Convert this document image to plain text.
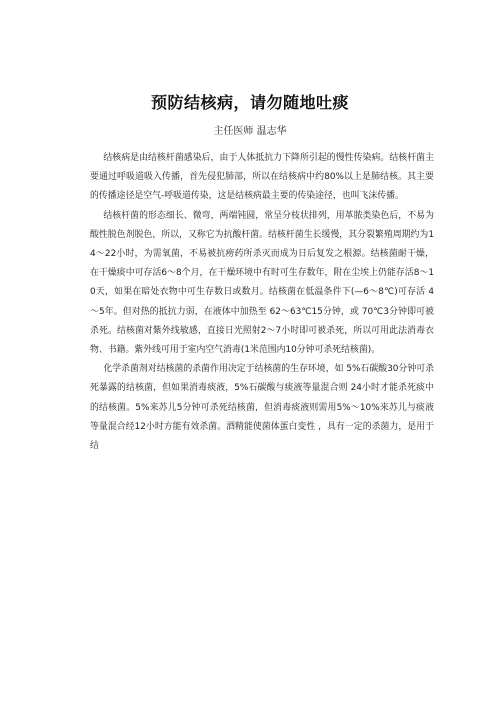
预防结核病，请勿随地吐痰
主任医师 温志华

结核病是由结核杆菌感染后，由于人体抵抗力下降所引起的慢性传染病。结核杆菌主要通过呼吸道吸入传播，首先侵犯肺部，所以在结核病中约80%以上是肺结核。其主要的传播途径是空气-呼吸道传染，这是结核病最主要的传染途径，也叫飞沫传播。

结核杆菌的形态细长、微弯，两端钝圆，常呈分枝状排列，用革脓类染色后，不易为酸性脱色剂脱色，所以，又称它为抗酸杆菌。结核杆菌生长缓慢，其分裂繁殖周期约为14～22小时，为需氧菌，不易被抗痨药所杀灭而成为日后复发之根源。结核菌耐干燥，在干燥痰中可存活6～8个月，在干燥环境中有时可生存数年，附在尘埃上仍能存活8～10天，如果在暗处衣物中可生存数日或数月。结核菌在低温条件下(—6～8℃)可存活 4～5年。但对热的抵抗力弱，在液体中加热至 62～63℃15分钟，或 70℃3分钟即可被杀死。结核菌对紫外线敏感，直接日光照射2～7小时即可被杀死，所以可用此法消毒衣物、书籍。紫外线可用于室内空气消毒(1米范围内10分钟可杀死结核菌)。

化学杀菌剂对结核菌的杀菌作用决定于结核菌的生存环境，如 5%石碳酸30分钟可杀死暴露的结核菌，但如果消毒痰液，5%石碳酸与痰液等量混合则 24小时才能杀死痰中的结核菌。5%来苏儿5分钟可杀死结核菌，但消毒痰液则需用5%～10%来苏儿与痰液等量混合经12小时方能有效杀菌。酒精能使菌体蛋白变性 ，具有一定的杀菌力，是用于结
